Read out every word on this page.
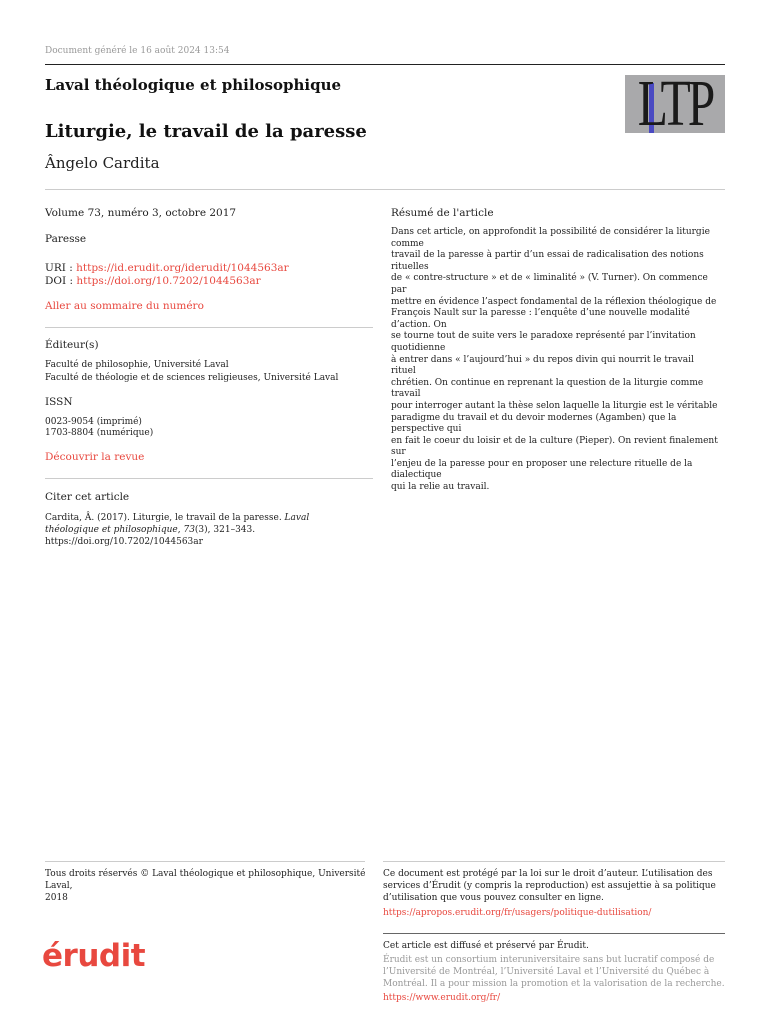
Document généré le 16 août 2024 13:54
Laval théologique et philosophique	LTP
Liturgie, le travail de la paresse
Ângelo Cardita
Volume 73, numéro 3, octobre 2017
Paresse
URI : https://id.erudit.org/iderudit/1044563ar
DOI : https://doi.org/10.7202/1044563ar
Aller au sommaire du numéro
Éditeur(s)
Faculté de philosophie, Université Laval
Faculté de théologie et de sciences religieuses, Université Laval
ISSN
0023-9054 (imprimé)
1703-8804 (numérique)
Découvrir la revue
Citer cet article
Cardita, Â. (2017). Liturgie, le travail de la paresse. Laval théologique et philosophique, 73(3), 321–343. https://doi.org/10.7202/1044563ar
Résumé de l'article
Dans cet article, on approfondit la possibilité de considérer la liturgie comme
travail de la paresse à partir d’un essai de radicalisation des notions rituelles
de « contre-structure » et de « liminalité » (V. Turner). On commence par
mettre en évidence l’aspect fondamental de la réflexion théologique de
François Nault sur la paresse : l’enquête d’une nouvelle modalité d’action. On
se tourne tout de suite vers le paradoxe représenté par l’invitation quotidienne
à entrer dans « l’aujourd’hui » du repos divin qui nourrit le travail rituel
chrétien. On continue en reprenant la question de la liturgie comme travail
pour interroger autant la thèse selon laquelle la liturgie est le véritable
paradigme du travail et du devoir modernes (Agamben) que la perspective qui
en fait le coeur du loisir et de la culture (Pieper). On revient finalement sur
l’enjeu de la paresse pour en proposer une relecture rituelle de la dialectique
qui la relie au travail.
Tous droits réservés © Laval théologique et philosophique, Université Laval,
2018
Ce document est protégé par la loi sur le droit d’auteur. L’utilisation des
services d’Érudit (y compris la reproduction) est assujettie à sa politique
d’utilisation que vous pouvez consulter en ligne.
https://apropos.erudit.org/fr/usagers/politique-dutilisation/
érudit	Cet article est diffusé et préservé par Érudit.
Érudit est un consortium interuniversitaire sans but lucratif composé de
l’Université de Montréal, l’Université Laval et l’Université du Québec à
Montréal. Il a pour mission la promotion et la valorisation de la recherche.
https://www.erudit.org/fr/
